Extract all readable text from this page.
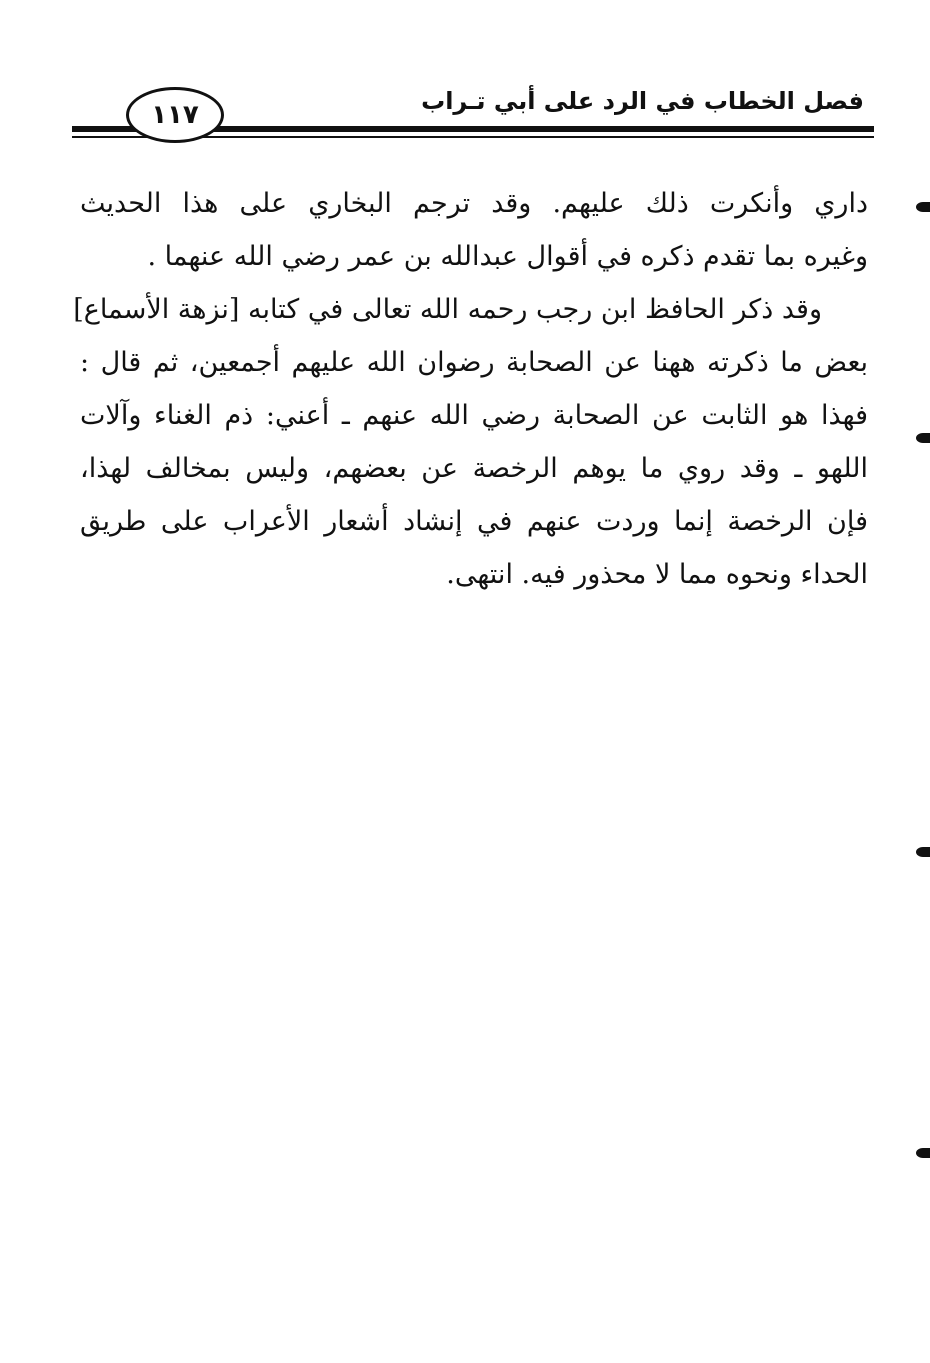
فصل الخطاب في الرد على أبي تـراب
١١٧
داري وأنكرت ذلك عليهم. وقد ترجم البخاري على هذا الحديث
وغيره بما تقدم ذكره في أقوال عبدالله بن عمر رضي الله عنهما .
وقد ذكر الحافظ ابن رجب رحمه الله تعالى في كتابه [نزهة الأسماع]
بعض ما ذكرته ههنا عن الصحابة رضوان الله عليهم أجمعين، ثم قال :
فهذا هو الثابت عن الصحابة رضي الله عنهم ـ أعني: ذم الغناء وآلات
اللهو ـ وقد روي ما يوهم الرخصة عن بعضهم، وليس بمخالف لهذا،
فإن الرخصة إنما وردت عنهم في إنشاد أشعار الأعراب على طريق
الحداء ونحوه مما لا محذور فيه. انتهى.
